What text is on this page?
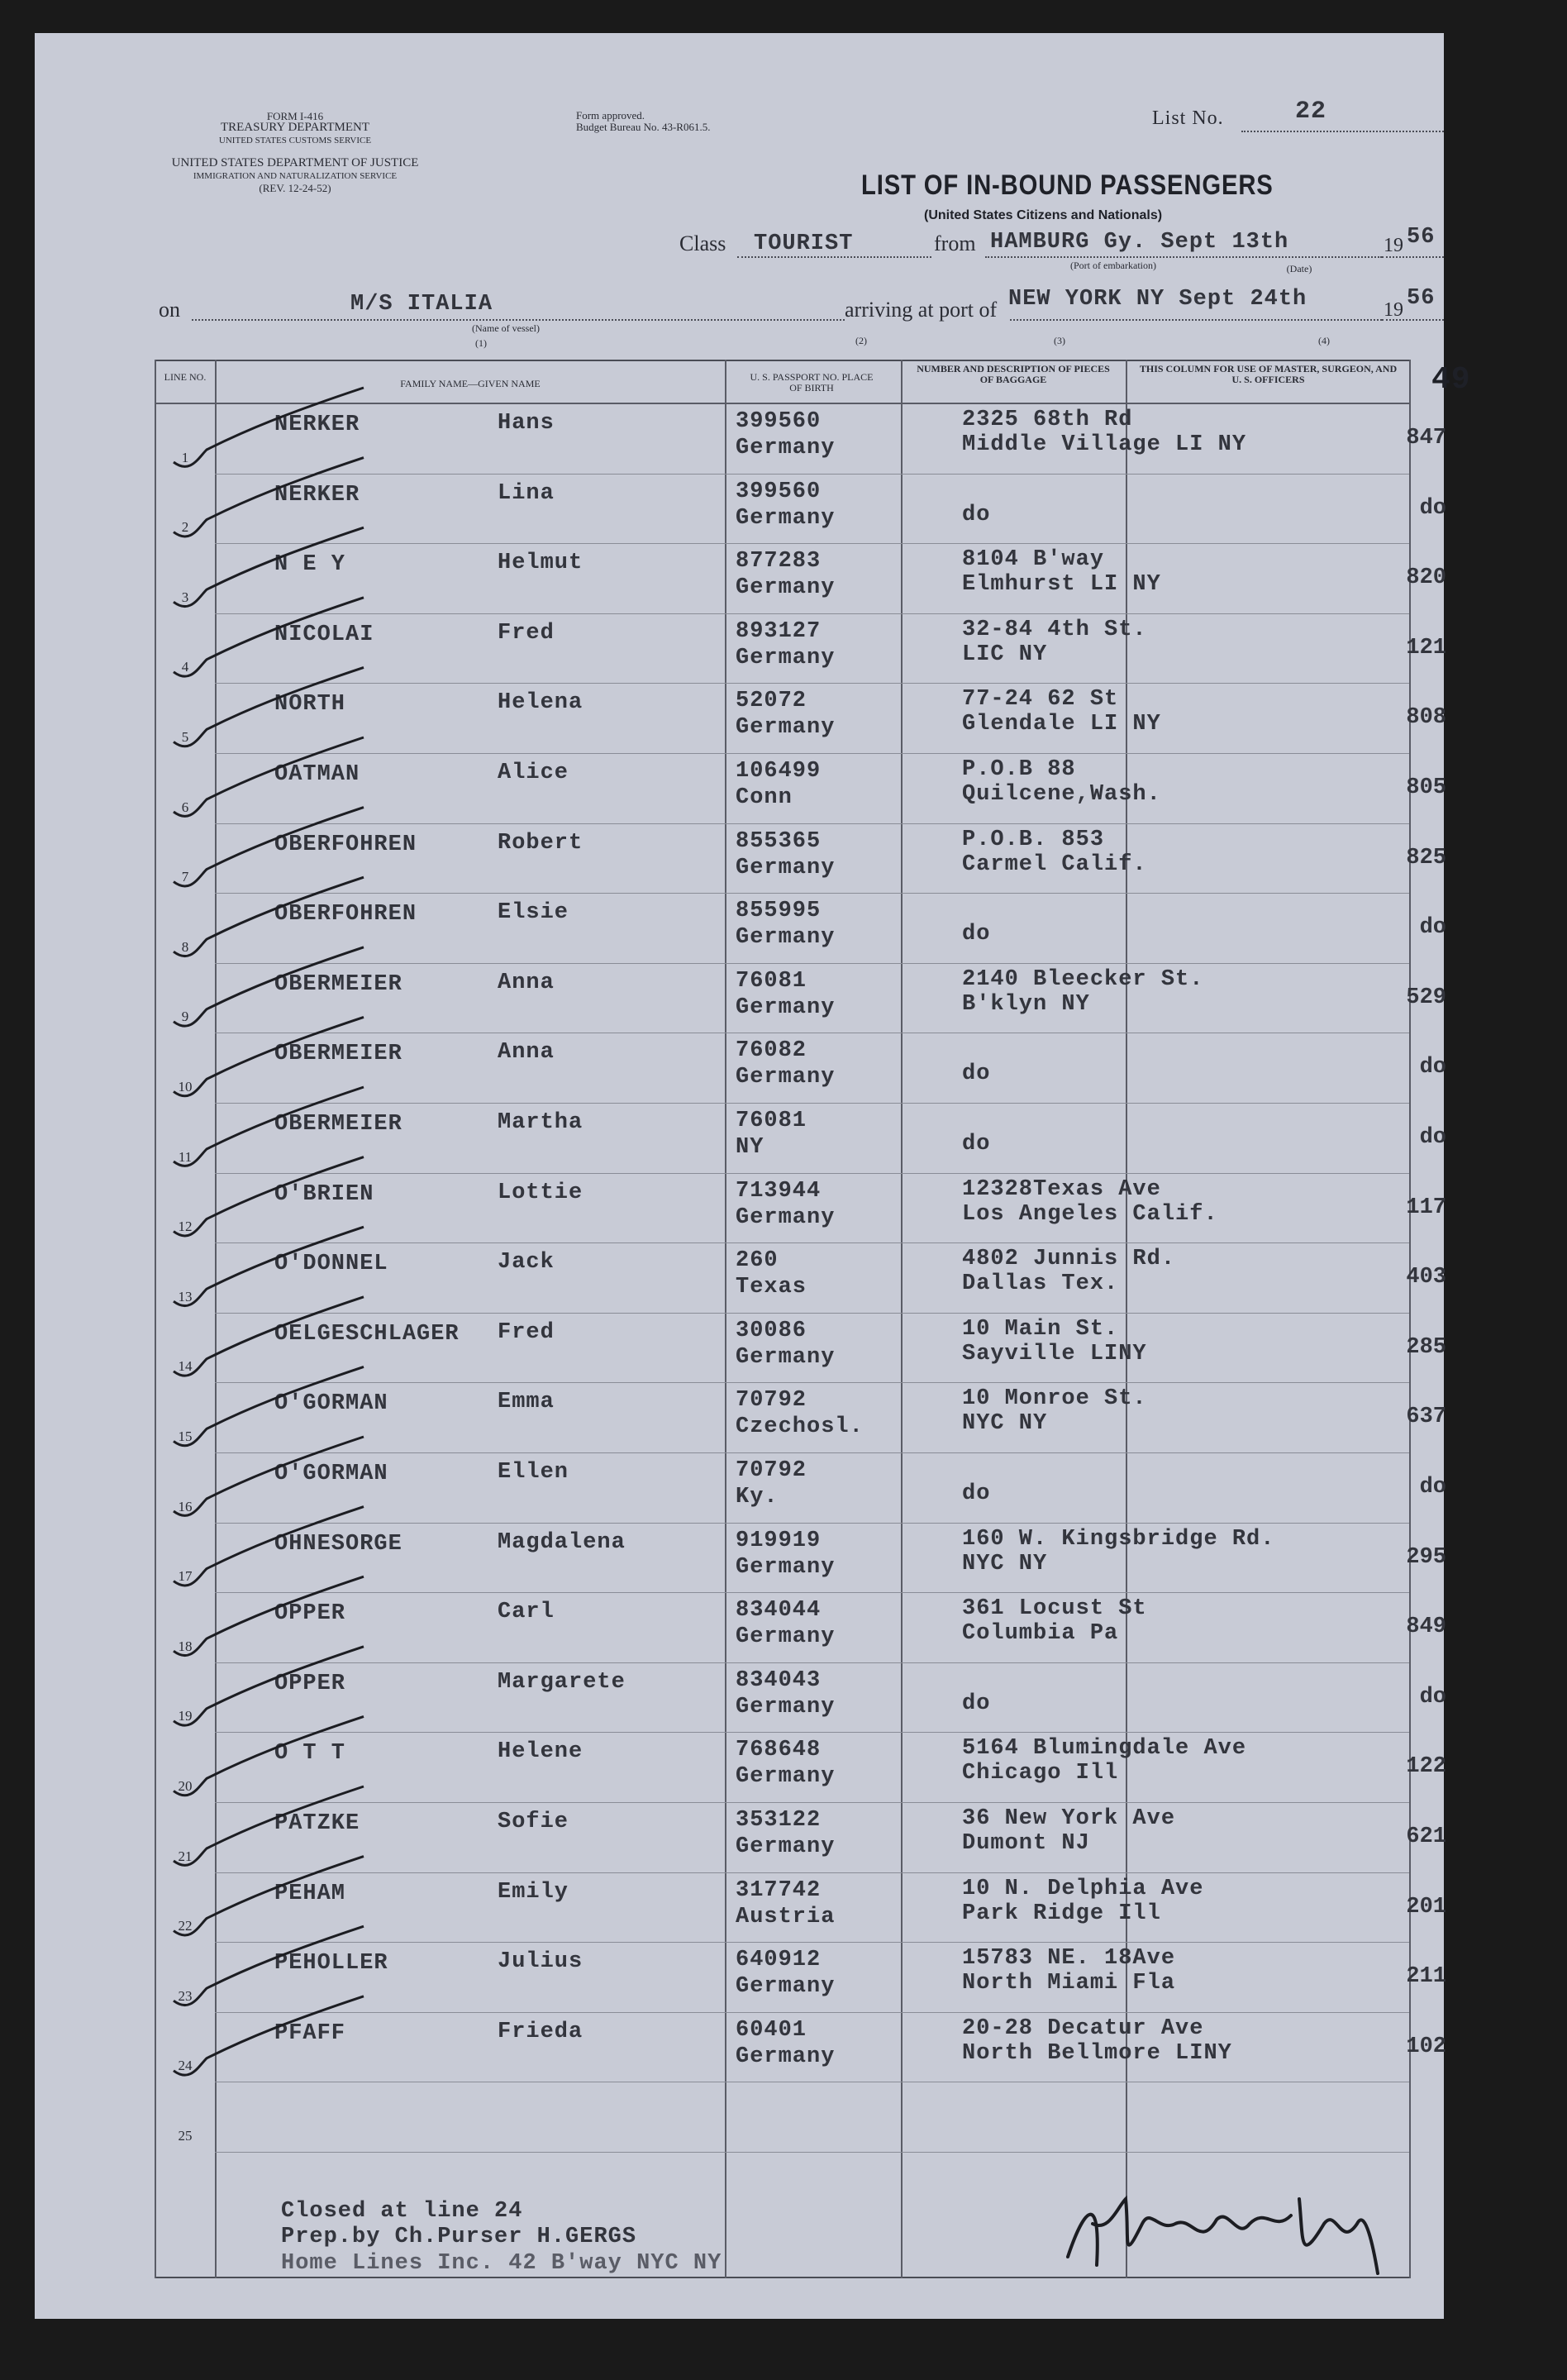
FORM I-416
TREASURY DEPARTMENT
UNITED STATES CUSTOMS SERVICE
UNITED STATES DEPARTMENT OF JUSTICE
IMMIGRATION AND NATURALIZATION SERVICE
(REV. 12-24-52)
Form approved.
Budget Bureau No. 43-R061.5.	List No.	22
LIST OF IN-BOUND PASSENGERS
(United States Citizens and Nationals)
Class TOURIST	from HAMBURG Gy. Sept 13th
(Port of embarkation)	(Date)
19 56
on	M/S ITALIA
(Name of vessel)
arriving at port of NEW YORK NY Sept 24th	19 56
(1)	(2)	(3)	(4)
LINE NO.
FAMILY NAME—GIVEN NAME
U. S. PASSPORT NO. PLACE OF BIRTH
NUMBER AND DESCRIPTION OF PIECES OF BAGGAGE
THIS COLUMN FOR USE OF MASTER, SURGEON, AND U. S. OFFICERS	49
1
NERKER	Hans	399560
Germany
2325 68th Rd
Middle Village LI NY	847
2
NERKER	Lina	399560
Germany	do	do
3
N E Y	Helmut	877283
Germany
8104 B'way
Elmhurst LI NY	820
4
NICOLAI	Fred	893127
Germany
32-84 4th St.
LIC NY	121
5
NORTH	Helena	52072
Germany
77-24 62 St
Glendale LI NY	808
6
OATMAN	Alice	106499
Conn
P.O.B 88
Quilcene,Wash.	805
7
OBERFOHREN	Robert	855365
Germany
P.O.B. 853
Carmel Calif.	825
8
OBERFOHREN	Elsie	855995
Germany	do	do
9
OBERMEIER	Anna	76081
Germany
2140 Bleecker St.
B'klyn NY	529
10
OBERMEIER	Anna	76082
Germany	do	do
11
OBERMEIER	Martha	76081
NY	do	do
12
O'BRIEN	Lottie	713944
Germany
12328Texas Ave
Los Angeles Calif.	117
13
O'DONNEL	Jack	260
Texas
4802 Junnis Rd.
Dallas Tex.	403
14
OELGESCHLAGER Fred	30086
Germany
10 Main St.
Sayville LINY	285
15
O'GORMAN	Emma	70792
Czechosl.
10 Monroe St.
NYC NY	637
16
O'GORMAN	Ellen	70792
Ky.	do	do
17
OHNESORGE	Magdalena	919919
Germany
160 W. Kingsbridge Rd.
NYC NY	295
18
OPPER	Carl	834044
Germany
361 Locust St
Columbia Pa	849
19
OPPER	Margarete	834043
Germany	do	do
20
O T T	Helene	768648
Germany
5164 Blumingdale Ave
Chicago Ill	122
21
PATZKE	Sofie	353122
Germany
36 New York Ave
Dumont NJ	621
22
PEHAM	Emily	317742
Austria
10 N. Delphia Ave
Park Ridge Ill	201
23
PEHOLLER	Julius	640912
Germany
15783 NE. 18Ave
North Miami Fla	211
24
PFAFF	Frieda	60401
Germany
20-28 Decatur Ave
North Bellmore LINY	102
25
Closed at line 24
Prep.by Ch.Purser H.GERGS
Home Lines Inc. 42 B'way NYC NY
